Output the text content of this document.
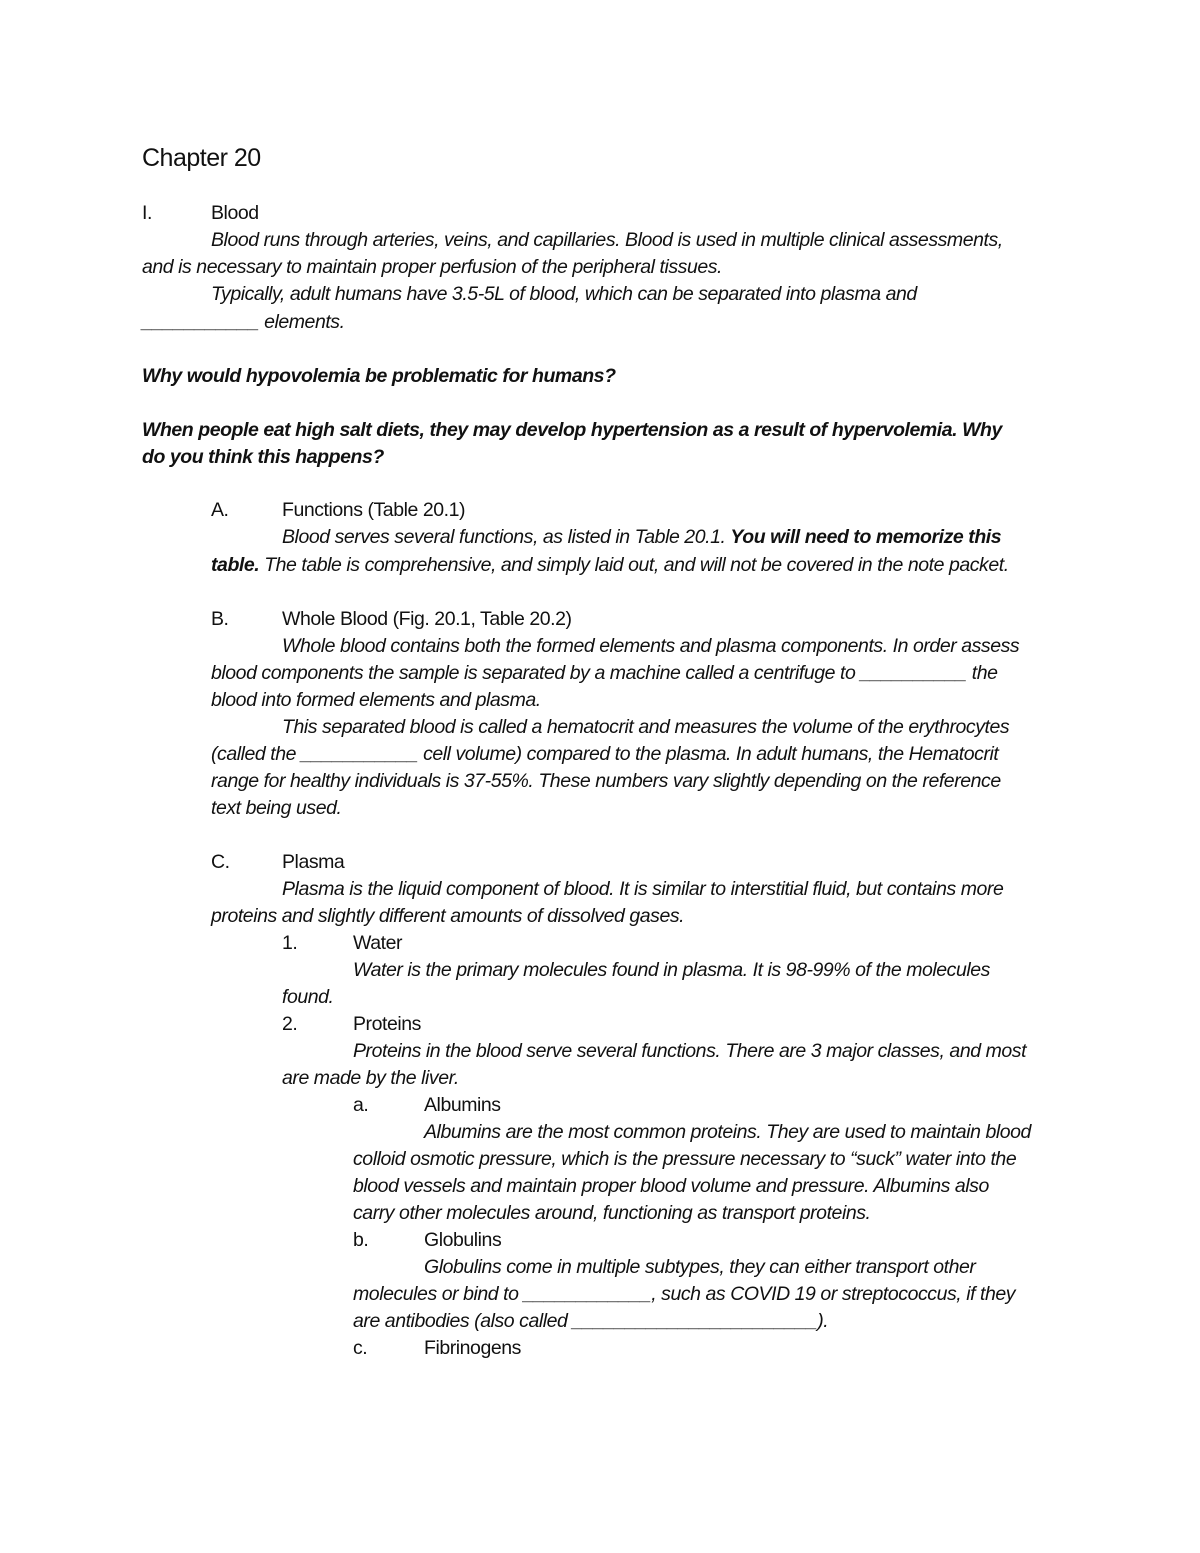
Chapter 20
I.	Blood
Blood runs through arteries, veins, and capillaries. Blood is used in multiple clinical assessments,
and is necessary to maintain proper perfusion of the peripheral tissues.
Typically, adult humans have 3.5-5L of blood, which can be separated into plasma and
___________ elements.
Why would hypovolemia be problematic for humans?
When people eat high salt diets, they may develop hypertension as a result of hypervolemia. Why
do you think this happens?
A.	Functions (Table 20.1)
Blood serves several functions, as listed in Table 20.1. You will need to memorize this
table. The table is comprehensive, and simply laid out, and will not be covered in the note packet.
B.	Whole Blood (Fig. 20.1, Table 20.2)
Whole blood contains both the formed elements and plasma components. In order assess
blood components the sample is separated by a machine called a centrifuge to __________ the
blood into formed elements and plasma.
This separated blood is called a hematocrit and measures the volume of the erythrocytes
(called the ___________ cell volume) compared to the plasma. In adult humans, the Hematocrit
range for healthy individuals is 37-55%. These numbers vary slightly depending on the reference
text being used.
C.	Plasma
Plasma is the liquid component of blood. It is similar to interstitial fluid, but contains more
proteins and slightly different amounts of dissolved gases.
1.	Water
Water is the primary molecules found in plasma. It is 98-99% of the molecules
found.
2.	Proteins
Proteins in the blood serve several functions. There are 3 major classes, and most
are made by the liver.
a.	Albumins
Albumins are the most common proteins. They are used to maintain blood
colloid osmotic pressure, which is the pressure necessary to “suck” water into the
blood vessels and maintain proper blood volume and pressure. Albumins also
carry other molecules around, functioning as transport proteins.
b.	Globulins
Globulins come in multiple subtypes, they can either transport other
molecules or bind to ____________, such as COVID 19 or streptococcus, if they
are antibodies (also called _______________________).
c.	Fibrinogens
